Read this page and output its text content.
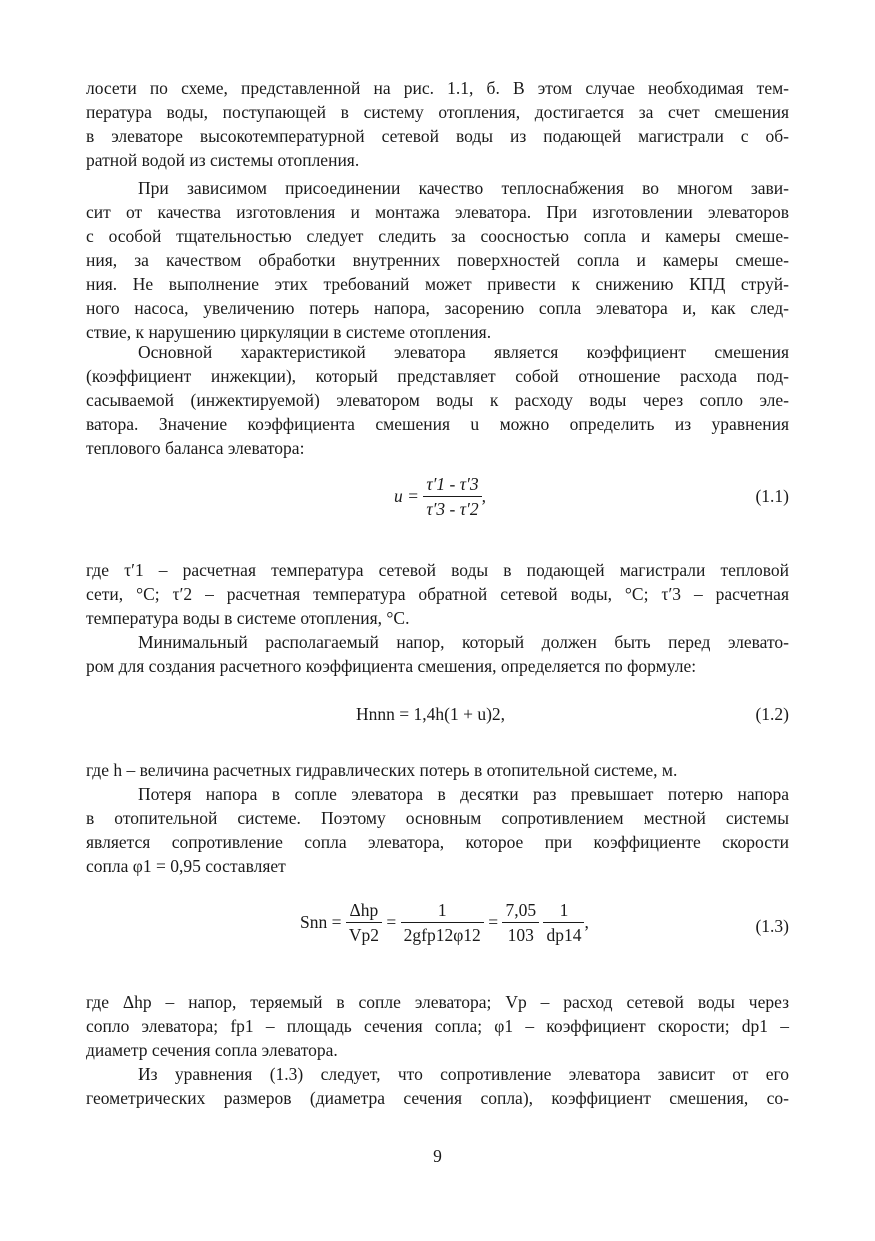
лосети по схеме, представленной на рис. 1.1, б. В этом случае необходимая тем-
пература воды, поступающей в систему отопления, достигается за счет смешения
в элеваторе высокотемпературной сетевой воды из подающей магистрали с об-
ратной водой из системы отопления.
При зависимом присоединении качество теплоснабжения во многом зави-
сит от качества изготовления и монтажа элеватора. При изготовлении элеваторов
с особой тщательностью следует следить за соосностью сопла и камеры смеше-
ния, за качеством обработки внутренних поверхностей сопла и камеры смеше-
ния. Не выполнение этих требований может привести к снижению КПД струй-
ного насоса, увеличению потерь напора, засорению сопла элеватора и, как след-
ствие, к нарушению циркуляции в системе отопления.
Основной характеристикой элеватора является коэффициент смешения
(коэффициент инжекции), который представляет собой отношение расхода под-
сасываемой (инжектируемой) элеватором воды к расходу воды через сопло эле-
ватора. Значение коэффициента смешения u можно определить из уравнения
теплового баланса элеватора:
$u = \frac{\tau'1 - \tau'3}{\tau'3 - \tau'2}$ ,	(1.1)
где τ′1 – расчетная температура сетевой воды в подающей магистрали тепловой
сети, °С; τ′2 – расчетная температура обратной сетевой воды, °С; τ′3 – расчетная
температура воды в системе отопления, °С.
Минимальный располагаемый напор, который должен быть перед элевато-
ром для создания расчетного коэффициента смешения, определяется по формуле:
Hnnn = 1,4h(1 + u)2,	(1.2)
где h – величина расчетных гидравлических потерь в отопительной системе, м.
Потеря напора в сопле элеватора в десятки раз превышает потерю напора
в отопительной системе. Поэтому основным сопротивлением местной системы
является сопротивление сопла элеватора, которое при коэффициенте скорости
сопла φ1 = 0,95 составляет
Snn = $\frac{\text{Δhp}}{Vp2} = \frac{1}{\text{2gfp12φ12}} = \frac{7,05}{103}$
$\frac{1}{dp14}$ ,	(1.3)
где Δhр – напор, теряемый в сопле элеватора; Vр – расход сетевой воды через
сопло элеватора; fр1 – площадь сечения сопла; φ1 – коэффициент скорости; dр1 –
диаметр сечения сопла элеватора.
Из уравнения (1.3) следует, что сопротивление элеватора зависит от его
геометрических размеров (диаметра сечения сопла), коэффициент смешения, со-
9
